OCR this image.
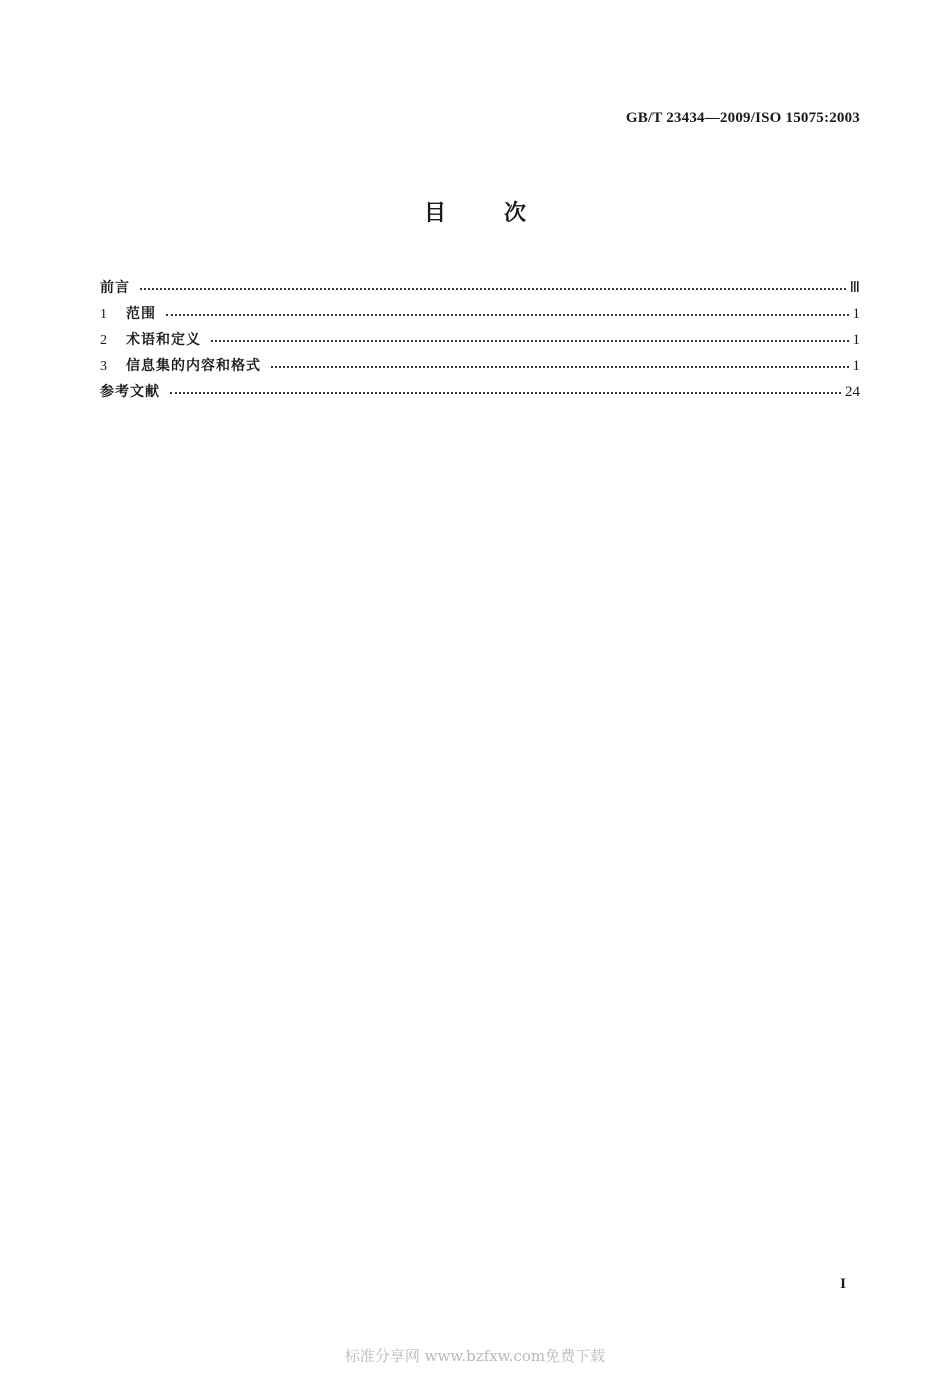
GB/T 23434—2009/ISO 15075:2003
目	次
前言	Ⅲ
1	范围	1
2	术语和定义	1
3	信息集的内容和格式	1
参考文献	24
I
标准分享网 www.bzfxw.com免费下载
